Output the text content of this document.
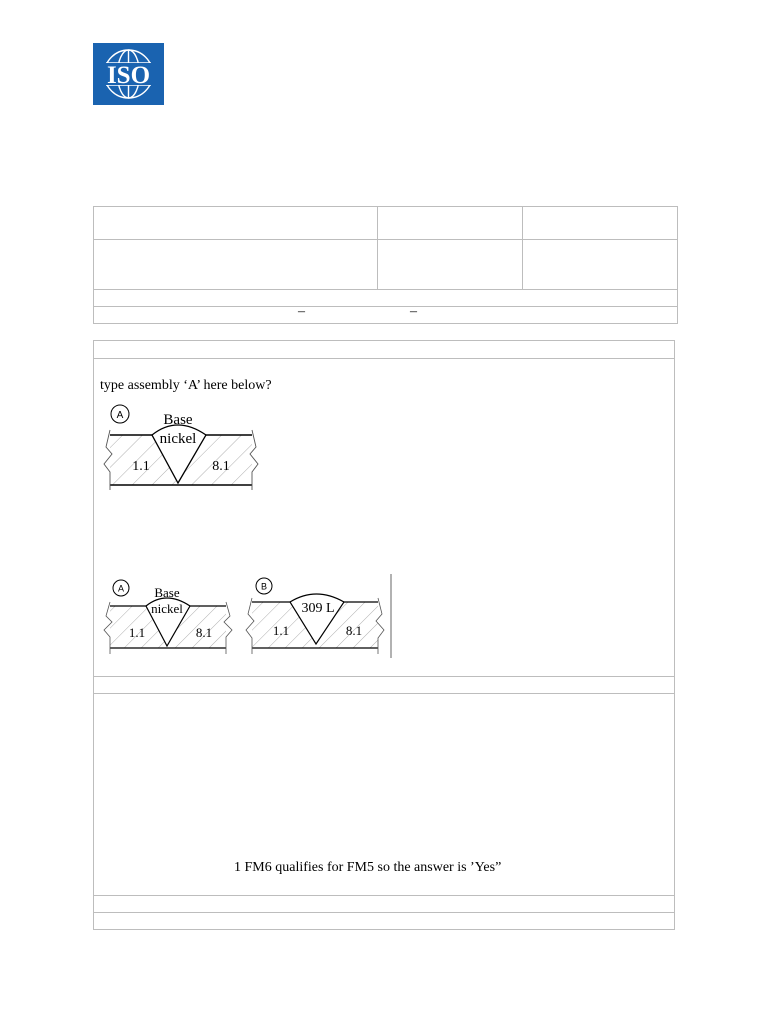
ISO
–	–
type assembly ‘A’ here below?
A	Base
nickel
1.1	8.1
A Base
nickel
1.1	8.1
B
309 L
1.1	8.1
1 FM6 qualifies for FM5 so the answer is ’Yes”
